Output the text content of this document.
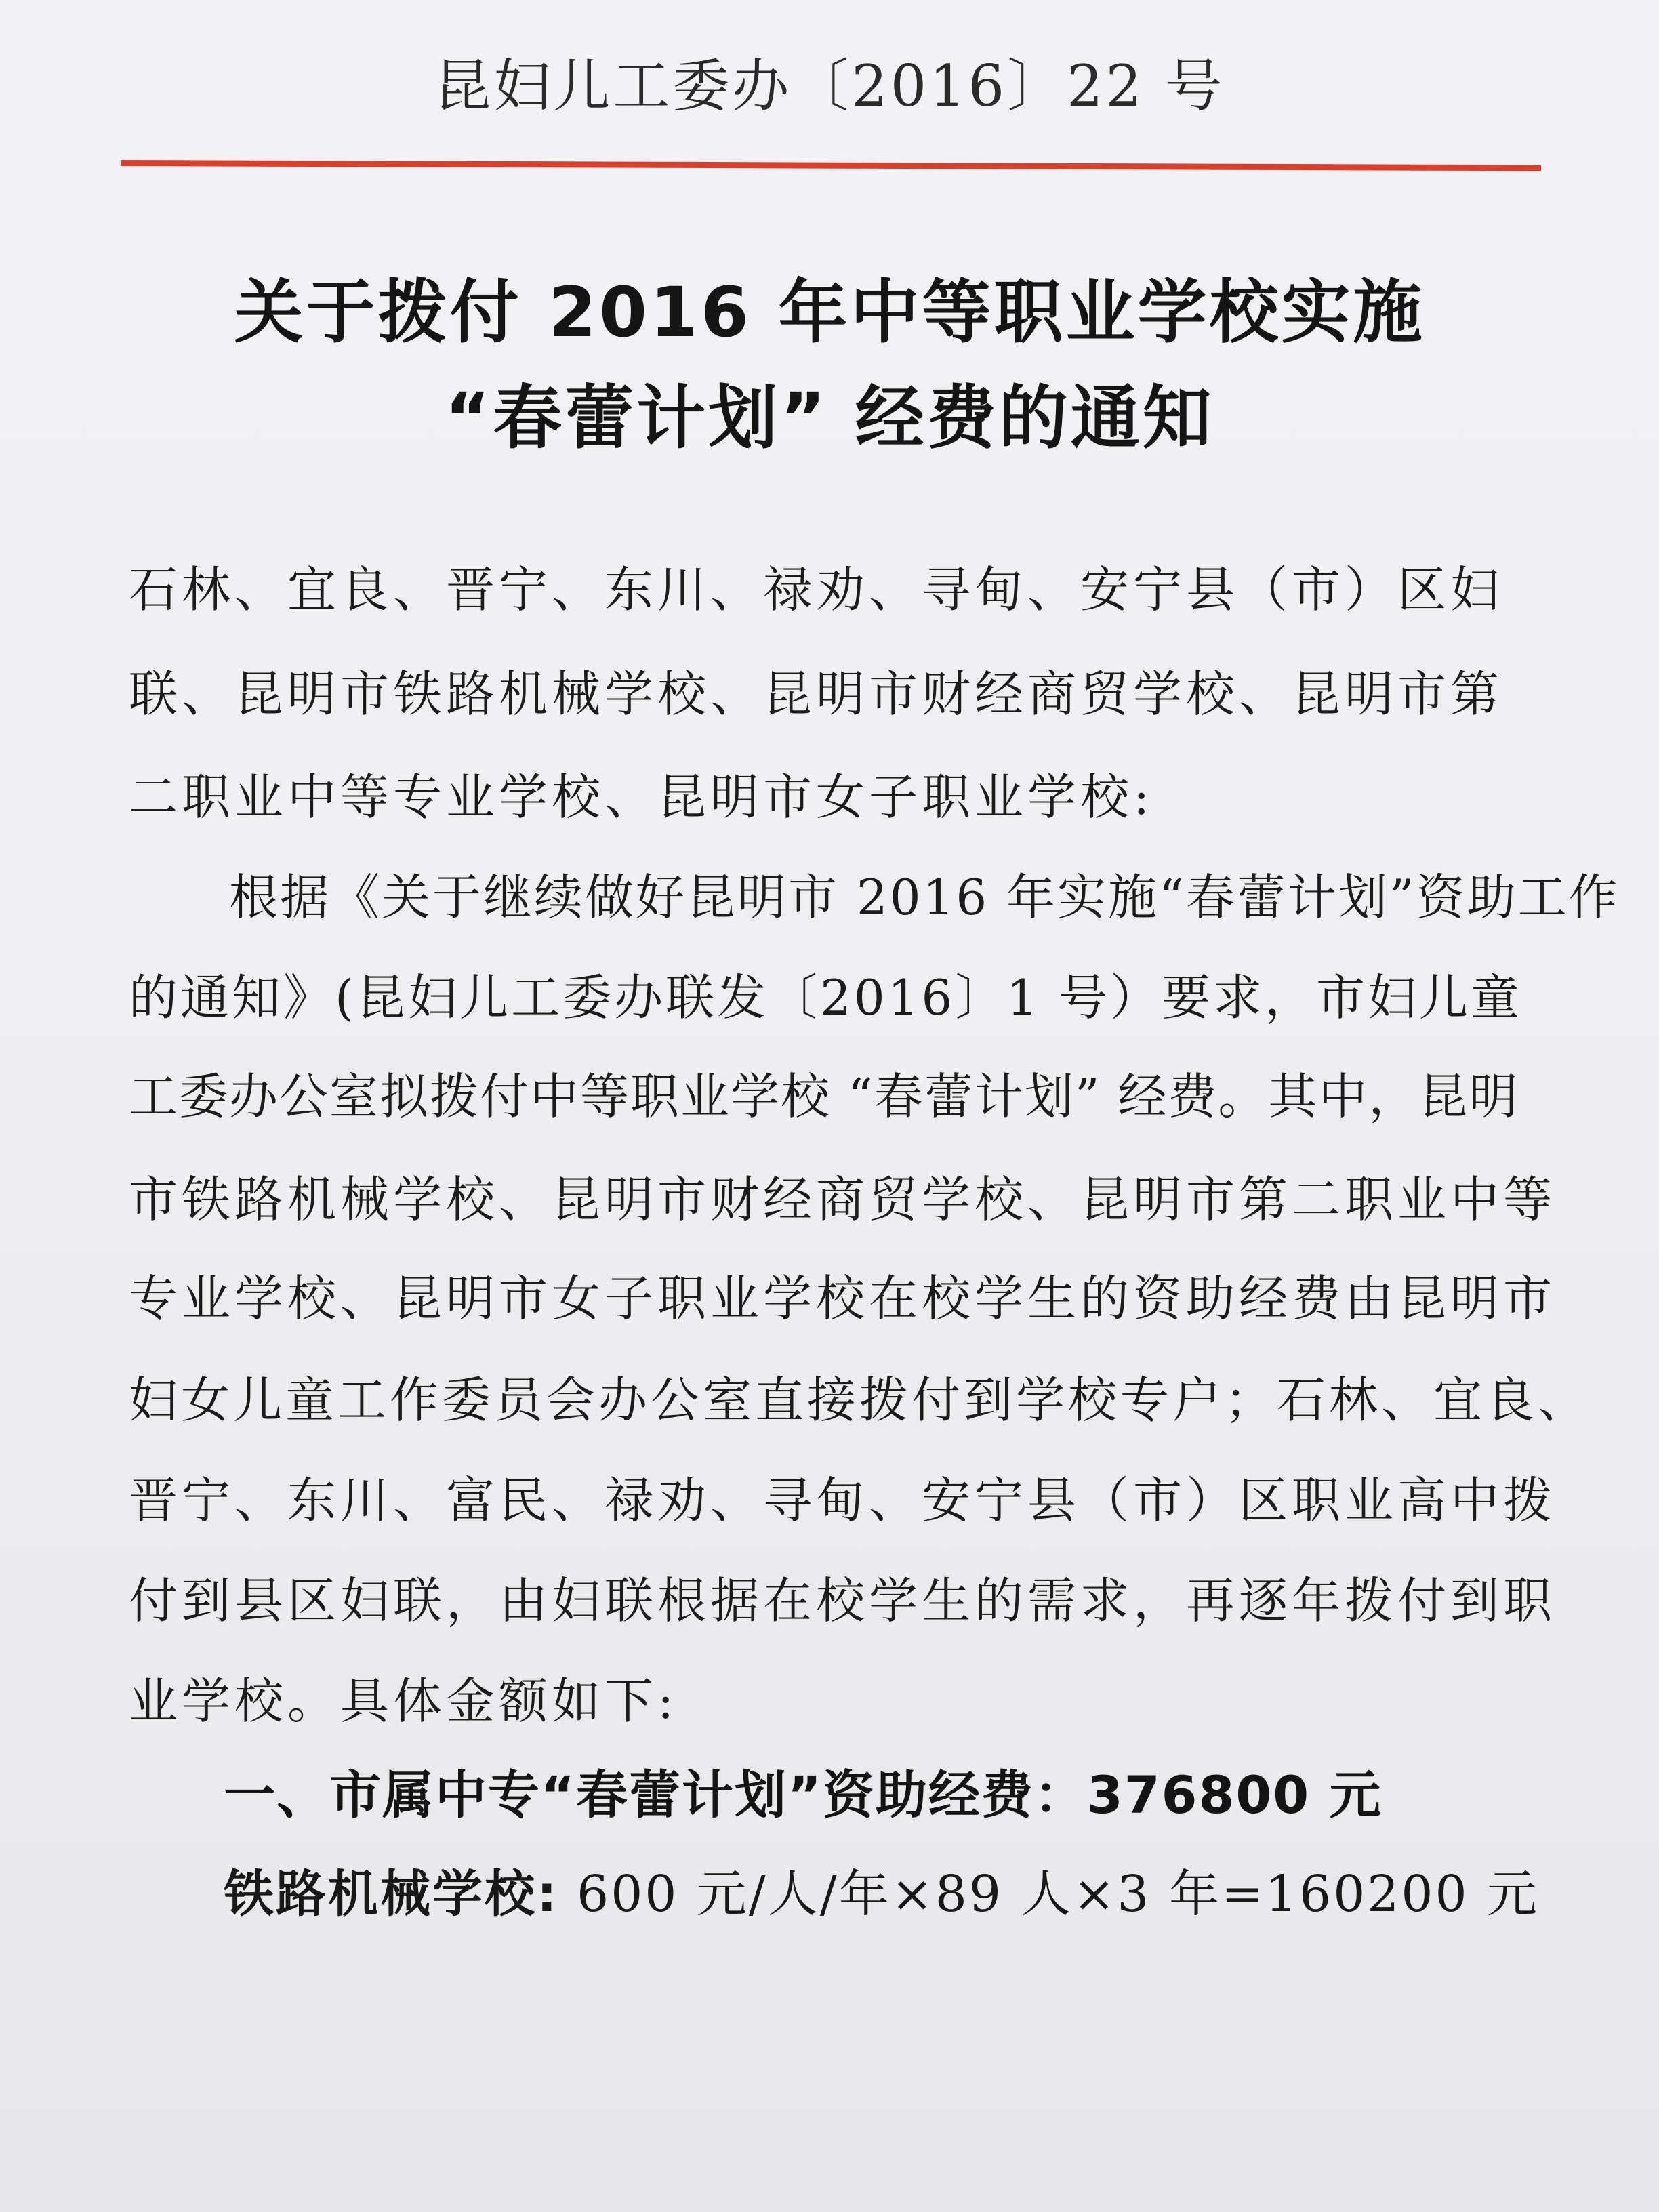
昆妇儿工委办〔2016〕22 号
关于拨付 2016 年中等职业学校实施
“春蕾计划” 经费的通知
石林、宜良、晋宁、东川、禄劝、寻甸、安宁县（市）区妇
联、昆明市铁路机械学校、昆明市财经商贸学校、昆明市第
二职业中等专业学校、昆明市女子职业学校:
根据《关于继续做好昆明市 2016 年实施“春蕾计划”资助工作
的通知》(昆妇儿工委办联发〔2016〕1 号）要求，市妇儿童
工委办公室拟拨付中等职业学校 “春蕾计划” 经费。其中，昆明
市铁路机械学校、昆明市财经商贸学校、昆明市第二职业中等
专业学校、昆明市女子职业学校在校学生的资助经费由昆明市
妇女儿童工作委员会办公室直接拨付到学校专户；石林、宜良、
晋宁、东川、富民、禄劝、寻甸、安宁县（市）区职业高中拨
付到县区妇联，由妇联根据在校学生的需求，再逐年拨付到职
业学校。具体金额如下:
一、市属中专“春蕾计划”资助经费：376800 元
铁路机械学校: 600 元/人/年×89 人×3 年=160200 元
